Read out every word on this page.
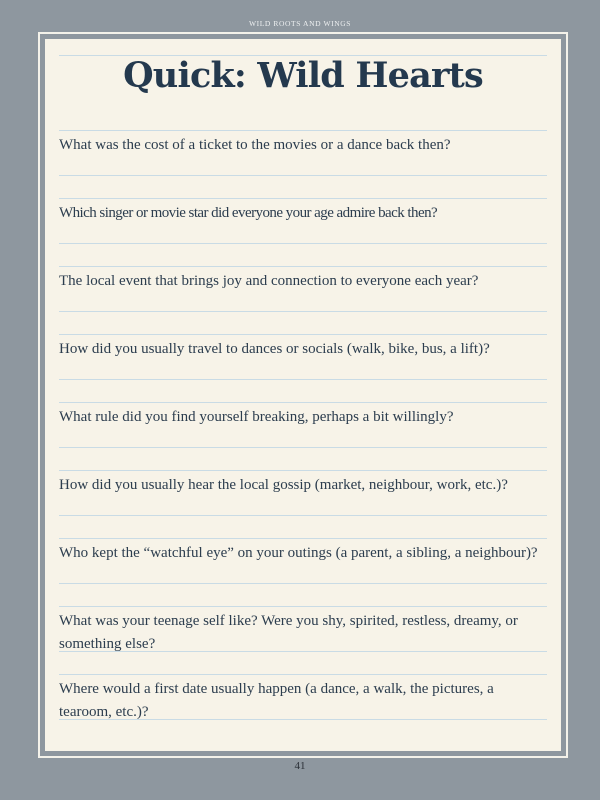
WILD ROOTS AND WINGS
Quick: Wild Hearts
What was the cost of a ticket to the movies or a dance back then?
Which singer or movie star did everyone your age admire back then?
The local event that brings joy and connection to everyone each year?
How did you usually travel to dances or socials (walk, bike, bus, a lift)?
What rule did you find yourself breaking, perhaps a bit willingly?
How did you usually hear the local gossip (market, neighbour, work, etc.)?
Who kept the “watchful eye” on your outings (a parent, a sibling, a neighbour)?
What was your teenage self like? Were you shy, spirited, restless, dreamy, or something else?
Where would a first date usually happen (a dance, a walk, the pictures, a tearoom, etc.)?
41
